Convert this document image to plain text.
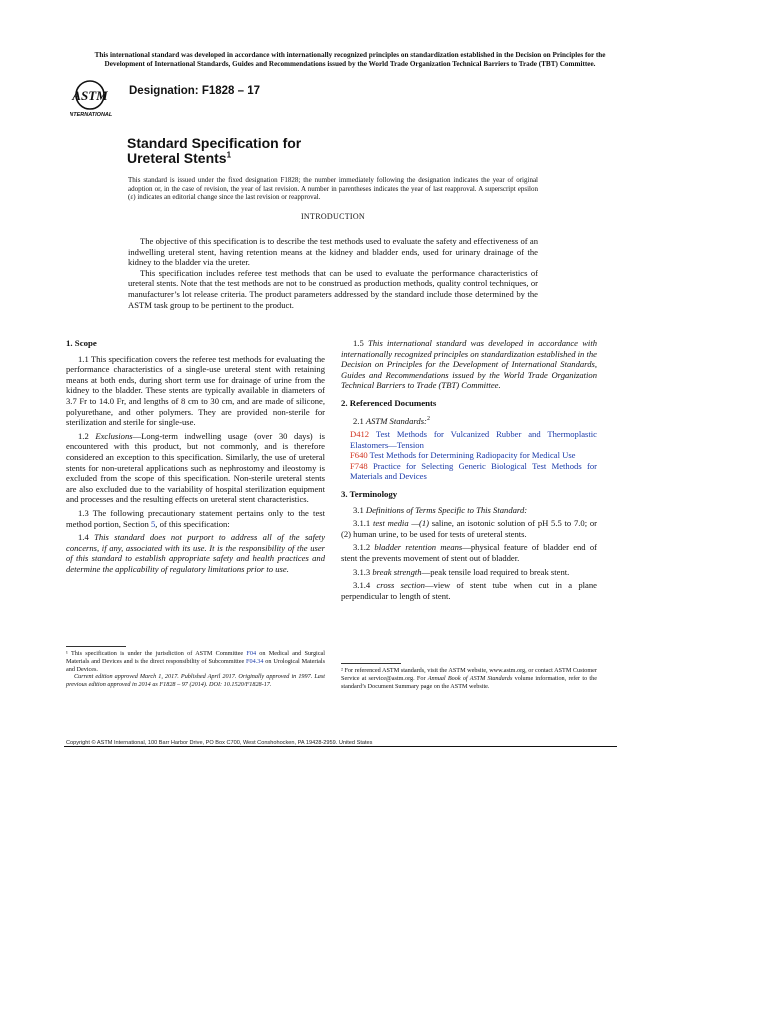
This international standard was developed in accordance with internationally recognized principles on standardization established in the Decision on Principles for the Development of International Standards, Guides and Recommendations issued by the World Trade Organization Technical Barriers to Trade (TBT) Committee.
ASTM
INTERNATIONAL
Designation: F1828 – 17
Standard Specification for
Ureteral Stents$^1$
This standard is issued under the fixed designation F1828; the number immediately following the designation indicates the year of original adoption or, in the case of revision, the year of last revision. A number in parentheses indicates the year of last reapproval. A superscript epsilon (ε) indicates an editorial change since the last revision or reapproval.
INTRODUCTION

The objective of this specification is to describe the test methods used to evaluate the safety and effectiveness of an indwelling ureteral stent, having retention means at the kidney and bladder ends, used for urinary drainage of the kidney to the bladder via the ureter.

This specification includes referee test methods that can be used to evaluate the performance characteristics of ureteral stents. Note that the test methods are not to be construed as production methods, quality control techniques, or manufacturer’s lot release criteria. The product parameters addressed by the standard include those determined by the ASTM task group to be pertinent to the product.

1. Scope

1.1 This specification covers the referee test methods for evaluating the performance characteristics of a single-use ureteral stent with retaining means at both ends, during short term use for drainage of urine from the kidney to the bladder. These stents are typically available in diameters of 3.7 Fr to 14.0 Fr, and lengths of 8 cm to 30 cm, and are made of silicone, polyurethane, and other polymers. They are provided non-sterile for sterilization and sterile for single-use.

1.2 Exclusions—Long-term indwelling usage (over 30 days) is encountered with this product, but not commonly, and is therefore considered an exception to this specification. Similarly, the use of ureteral stents for non-ureteral applications such as nephrostomy and ileostomy is excluded from the scope of this specification. Non-sterile ureteral stents are also excluded due to the variability of hospital sterilization equipment and processes and the resulting effects on ureteral stent characteristics.

1.3 The following precautionary statement pertains only to the test method portion, Section 5, of this specification:

1.4 This standard does not purport to address all of the safety concerns, if any, associated with its use. It is the responsibility of the user of this standard to establish appropriate safety and health practices and determine the applicability of regulatory limitations prior to use.

¹ This specification is under the jurisdiction of ASTM Committee F04 on Medical and Surgical Materials and Devices and is the direct responsibility of Subcommittee F04.34 on Urological Materials and Devices.
Current edition approved March 1, 2017. Published April 2017. Originally approved in 1997. Last previous edition approved in 2014 as F1828 – 97 (2014). DOI: 10.1520/F1828-17.

1.5 This international standard was developed in accordance with internationally recognized principles on standardization established in the Decision on Principles for the Development of International Standards, Guides and Recommendations issued by the World Trade Organization Technical Barriers to Trade (TBT) Committee.

2. Referenced Documents

2.1 ASTM Standards:$^2$

D412 Test Methods for Vulcanized Rubber and Thermoplastic Elastomers—Tension
F640 Test Methods for Determining Radiopacity for Medical Use
F748 Practice for Selecting Generic Biological Test Methods for Materials and Devices
3. Terminology

3.1 Definitions of Terms Specific to This Standard:

3.1.1 test media —(1) saline, an isotonic solution of pH 5.5 to 7.0; or (2) human urine, to be used for tests of ureteral stents.

3.1.2 bladder retention means—physical feature of bladder end of stent the prevents movement of stent out of bladder.

3.1.3 break strength—peak tensile load required to break stent.

3.1.4 cross section—view of stent tube when cut in a plane perpendicular to length of stent.

² For referenced ASTM standards, visit the ASTM website, www.astm.org, or contact ASTM Customer Service at service@astm.org. For Annual Book of ASTM Standards volume information, refer to the standard’s Document Summary page on the ASTM website.
Copyright © ASTM International, 100 Barr Harbor Drive, PO Box C700, West Conshohocken, PA 19428-2959. United States
